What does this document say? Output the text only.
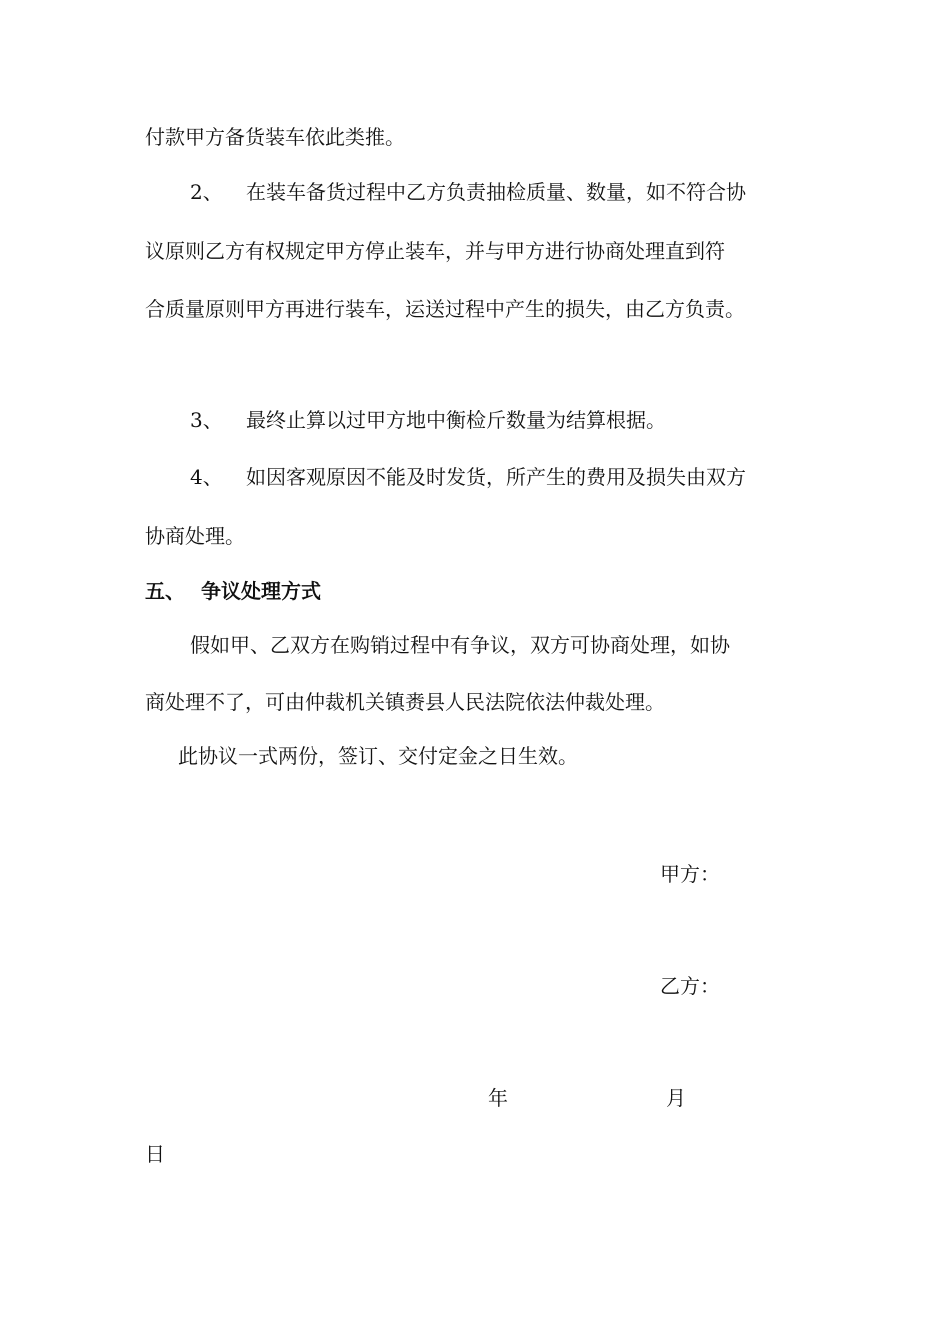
付款甲方备货装车依此类推。
2、 在装车备货过程中乙方负责抽检质量、数量，如不符合协
议原则乙方有权规定甲方停止装车，并与甲方进行协商处理直到符
合质量原则甲方再进行装车，运送过程中产生的损失，由乙方负责。
3、 最终止算以过甲方地中衡检斤数量为结算根据。
4、 如因客观原因不能及时发货，所产生的费用及损失由双方
协商处理。
五、 争议处理方式
假如甲、乙双方在购销过程中有争议，双方可协商处理，如协
商处理不了，可由仲裁机关镇赉县人民法院依法仲裁处理。
此协议一式两份，签订、交付定金之日生效。
甲方：
乙方：
年	月
日
